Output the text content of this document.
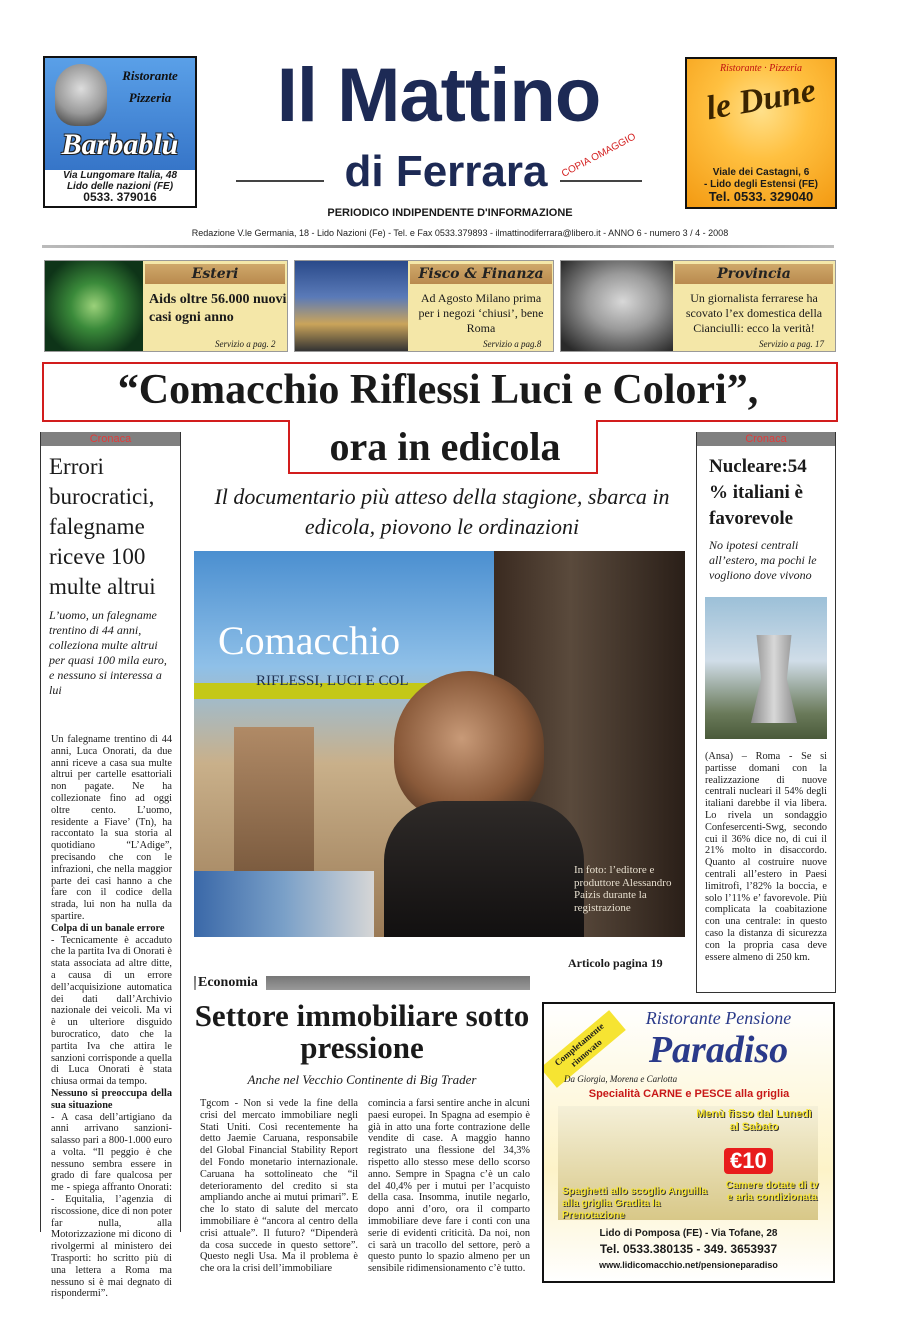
Ristorante
Pizzeria
Barbablù
Via Lungomare Italia, 48
Lido delle nazioni (FE)
0533. 379016
Ristorante · Pizzeria
le Dune
Viale dei Castagni, 6
- Lido degli Estensi (FE)
Tel. 0533. 329040
Il Mattino
di Ferrara	COPIA OMAGGIO
PERIODICO INDIPENDENTE D'INFORMAZIONE
Redazione V.le Germania, 18 - Lido Nazioni (Fe) - Tel. e Fax 0533.379893 - ilmattinodiferrara@libero.it - ANNO 6 - numero 3 / 4 - 2008
Esteri
Aids oltre 56.000 nuovi casi ogni anno
Servizio a pag. 2
Fisco & Finanza
Ad Agosto Milano prima per i negozi ‘chiusi’, bene Roma
Servizio a pag.8
Provincia
Un giornalista ferrarese ha scovato l’ex domestica della Cianciulli: ecco la verità!
Servizio a pag. 17
“Comacchio Riflessi Luci e Colori”,
ora in edicola
Il documentario più atteso della stagione, sbarca in edicola, piovono le ordinazioni
Cronaca
Errori burocratici, falegname riceve 100 multe altrui
L’uomo, un falegname trentino di 44 anni, colleziona multe altrui per quasi 100 mila euro, e nessuno si interessa a lui
Un falegname trentino di 44 anni, Luca Onorati, da due anni riceve a casa sua multe altrui per cartelle esattoriali non pagate. Ne ha collezionate fino ad oggi oltre cento. L’uomo, residente a Fiave’ (Tn), ha raccontato la sua storia al quotidiano “L’Adige”, precisando che con le infrazioni, che nella maggior parte dei casi hanno a che fare con il codice della strada, lui non ha nulla da spartire.
Colpa di un banale errore
- Tecnicamente è accaduto che la partita Iva di Onorati è stata associata ad altre ditte, a causa di un errore dell’acquisizione automatica dei dati dall’Archivio nazionale dei veicoli. Ma vi è un ulteriore disguido burocratico, dato che la partita Iva che attira le sanzioni corrisponde a quella di Luca Onorati è stata chiusa ormai da tempo.
Nessuno si preoccupa della sua situazione
- A casa dell’artigiano da anni arrivano sanzioni-salasso pari a 800-1.000 euro a volta. “Il peggio è che nessuno sembra essere in grado di fare qualcosa per me - spiega affranto Onorati: - Equitalia, l’agenzia di riscossione, dice di non poter far nulla, alla Motorizzazione mi dicono di rivolgermi al ministero dei Trasporti: ho scritto più di una lettera a Roma ma nessuno si è mai degnato di rispondermi”.
Comacchio
RIFLESSI, LUCI E COL
In foto: l’editore e produttore Alessandro Paizis durante la registrazione
Articolo pagina 19
Cronaca
Nucleare:54 % italiani è favorevole
No ipotesi centrali all’estero, ma pochi le vogliono dove vivono
(Ansa) – Roma - Se si partisse domani con la realizzazione di nuove centrali nucleari il 54% degli italiani darebbe il via libera. Lo rivela un sondaggio Confesercenti-Swg, secondo cui il 36% dice no, di cui il 21% molto in disaccordo. Quanto al costruire nuove centrali all’estero in Paesi limitrofi, l’82% la boccia, e solo l’11% e’ favorevole. Più complicata la coabitazione con una centrale: in questo caso la distanza di sicurezza con la propria casa deve essere almeno di 250 km.
Economia
Settore immobiliare sotto pressione
Anche nel Vecchio Continente di Big Trader
Tgcom - Non si vede la fine della crisi del mercato immobiliare negli Stati Uniti. Così recentemente ha detto Jaemie Caruana, responsabile del Global Financial Stability Report del Fondo monetario internazionale. Caruana ha sottolineato che “il deterioramento del credito si sta ampliando anche ai mutui primari”. E che lo stato di salute del mercato immobiliare è “ancora al centro della crisi attuale”. Il futuro? “Dipenderà da cosa succede in questo settore”. Questo negli Usa. Ma il problema è che ora la crisi dell’immobiliare
comincia a farsi sentire anche in alcuni paesi europei. In Spagna ad esempio è già in atto una forte contrazione delle vendite di case. A maggio hanno registrato una flessione del 34,3% rispetto allo stesso mese dello scorso anno. Sempre in Spagna c’è un calo del 40,4% per i mutui per l’acquisto della casa. Insomma, inutile negarlo, dopo anni d’oro, ora il comparto immobiliare deve fare i conti con una serie di evidenti criticità. Da noi, non ci sarà un tracollo del settore, però a questo punto lo spazio almeno per un sensibile ridimensionamento c’è tutto.
Completamente rinnovato
Ristorante Pensione
Paradiso
Da Giorgia, Morena e Carlotta
Specialità CARNE e PESCE alla griglia
Menù fisso dal Lunedì al Sabato
€10
Spaghetti allo scoglio Anguilla alla griglia Gradita la Prenotazione
Camere dotate di tv e aria condizionata
Lido di Pomposa (FE) - Via Tofane, 28
Tel. 0533.380135 - 349. 3653937
www.lidicomacchio.net/pensioneparadiso
